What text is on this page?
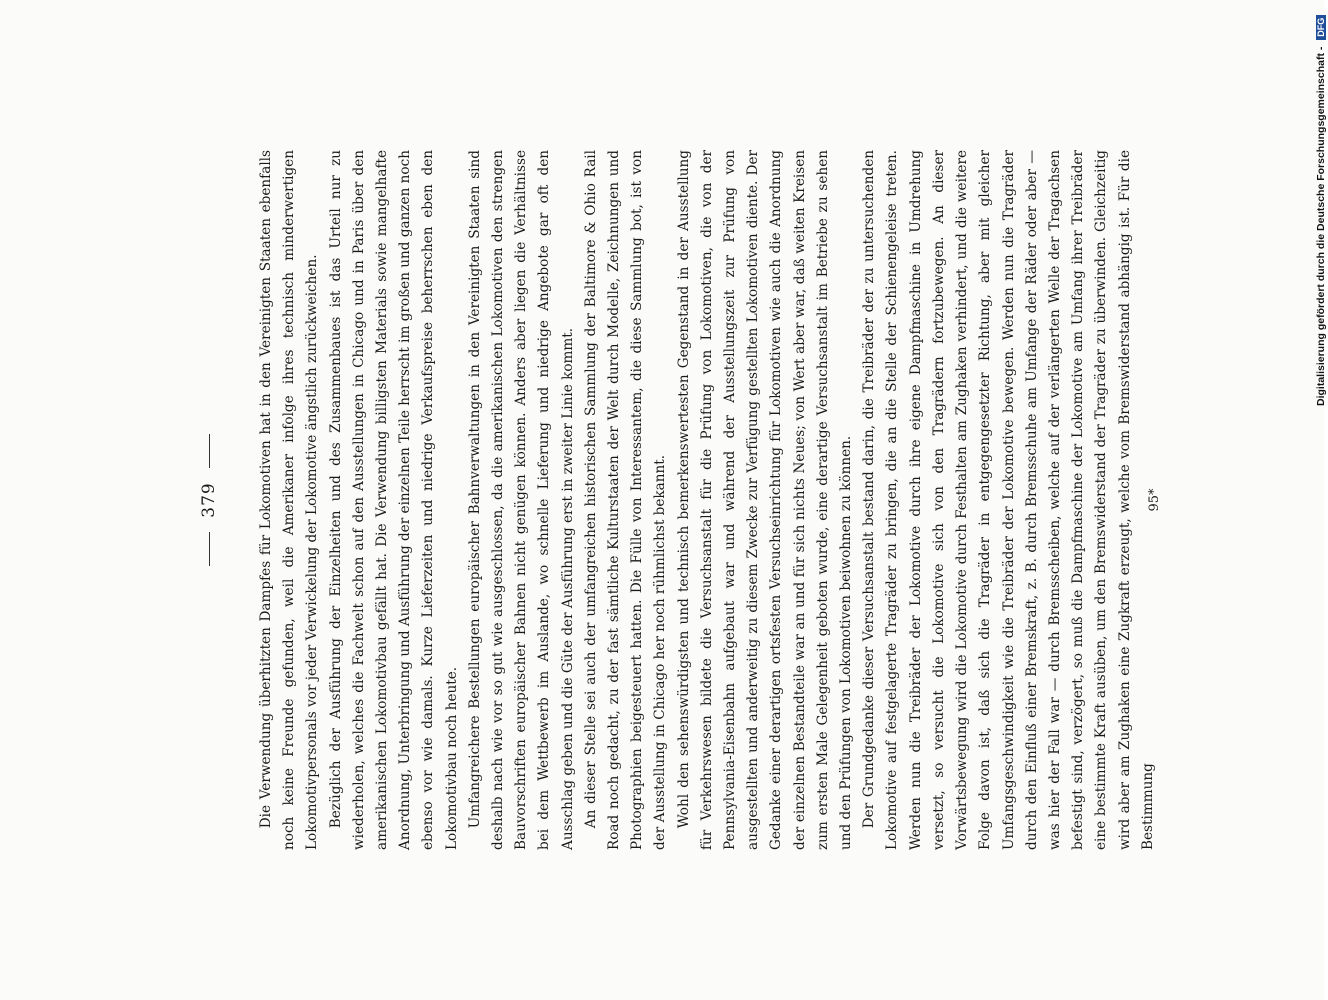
379	Die Verwendung überhitzten Dampfes für Lokomotiven hat in den Vereinigten Staaten ebenfalls noch keine Freunde gefunden, weil die Amerikaner infolge ihres technisch minderwertigen Lokomotivpersonals vor jeder Verwickelung der Lokomotive ängstlich zurückweichen. Bezüglich der Ausführung der Einzelheiten und des Zusammenbaues ist das Urteil nur zu wiederholen, welches die Fachwelt schon auf den Ausstellungen in Chicago und in Paris über den amerikanischen Lokomotivbau gefällt hat. Die Verwendung billigsten Materials sowie mangelhafte Anordnung, Unterbringung und Ausführung der einzelnen Teile herrscht im großen und ganzen noch ebenso vor wie damals. Kurze Lieferzeiten und niedrige Verkaufspreise beherrschen eben den Lokomotivbau noch heute. Umfangreichere Bestellungen europäischer Bahnverwaltungen in den Vereinigten Staaten sind deshalb nach wie vor so gut wie ausgeschlossen, da die amerikanischen Lokomotiven den strengen Bauvorschriften europäischer Bahnen nicht genügen können. Anders aber liegen die Verhältnisse bei dem Wettbewerb im Auslande, wo schnelle Lieferung und niedrige Angebote gar oft den Ausschlag geben und die Güte der Ausführung erst in zweiter Linie kommt. An dieser Stelle sei auch der umfangreichen historischen Sammlung der Baltimore & Ohio Rail Road noch gedacht, zu der fast sämtliche Kulturstaaten der Welt durch Modelle, Zeichnungen und Photographien beigesteuert hatten. Die Fülle von Interessantem, die diese Sammlung bot, ist von der Ausstellung in Chicago her noch rühmlichst bekannt. Wohl den sehenswürdigsten und technisch bemerkenswertesten Gegenstand in der Ausstellung für Verkehrswesen bildete die Versuchsanstalt für die Prüfung von Lokomotiven, die von der Pennsylvania-Eisenbahn aufgebaut war und während der Ausstellungszeit zur Prüfung von ausgestellten und anderweitig zu diesem Zwecke zur Verfügung gestellten Lokomotiven diente. Der Gedanke einer derartigen ortsfesten Versuchseinrichtung für Lokomotiven wie auch die Anordnung der einzelnen Bestandteile war an und für sich nichts Neues; von Wert aber war, daß weiten Kreisen zum ersten Male Gelegenheit geboten wurde, eine derartige Versuchsanstalt im Betriebe zu sehen und den Prüfungen von Lokomotiven beiwohnen zu können. Der Grundgedanke dieser Versuchsanstalt bestand darin, die Treibräder der zu untersuchenden Lokomotive auf festgelagerte Tragräder zu bringen, die an die Stelle der Schienengeleise treten. Werden nun die Treibräder der Lokomotive durch ihre eigene Dampfmaschine in Umdrehung versetzt, so versucht die Lokomotive sich von den Tragrädern fortzubewegen. An dieser Vorwärtsbewegung wird die Lokomotive durch Festhalten am Zughaken verhindert, und die weitere Folge davon ist, daß sich die Tragräder in entgegengesetzter Richtung, aber mit gleicher Umfangsgeschwindigkeit wie die Treibräder der Lokomotive bewegen. Werden nun die Tragräder durch den Einfluß einer Bremskraft, z. B. durch Bremsschuhe am Umfange der Räder oder aber — was hier der Fall war — durch Bremsscheiben, welche auf der verlängerten Welle der Tragachsen befestigt sind, verzögert, so muß die Dampfmaschine der Lokomotive am Umfang ihrer Treibräder eine bestimmte Kraft ausüben, um den Bremswiderstand der Tragräder zu überwinden. Gleichzeitig wird aber am Zughaken eine Zugkraft erzeugt, welche vom Bremswiderstand abhängig ist. Für die Bestimmung

95*
Digitalisierung gefördert durch die Deutsche Forschungsgemeinschaft - DFG
